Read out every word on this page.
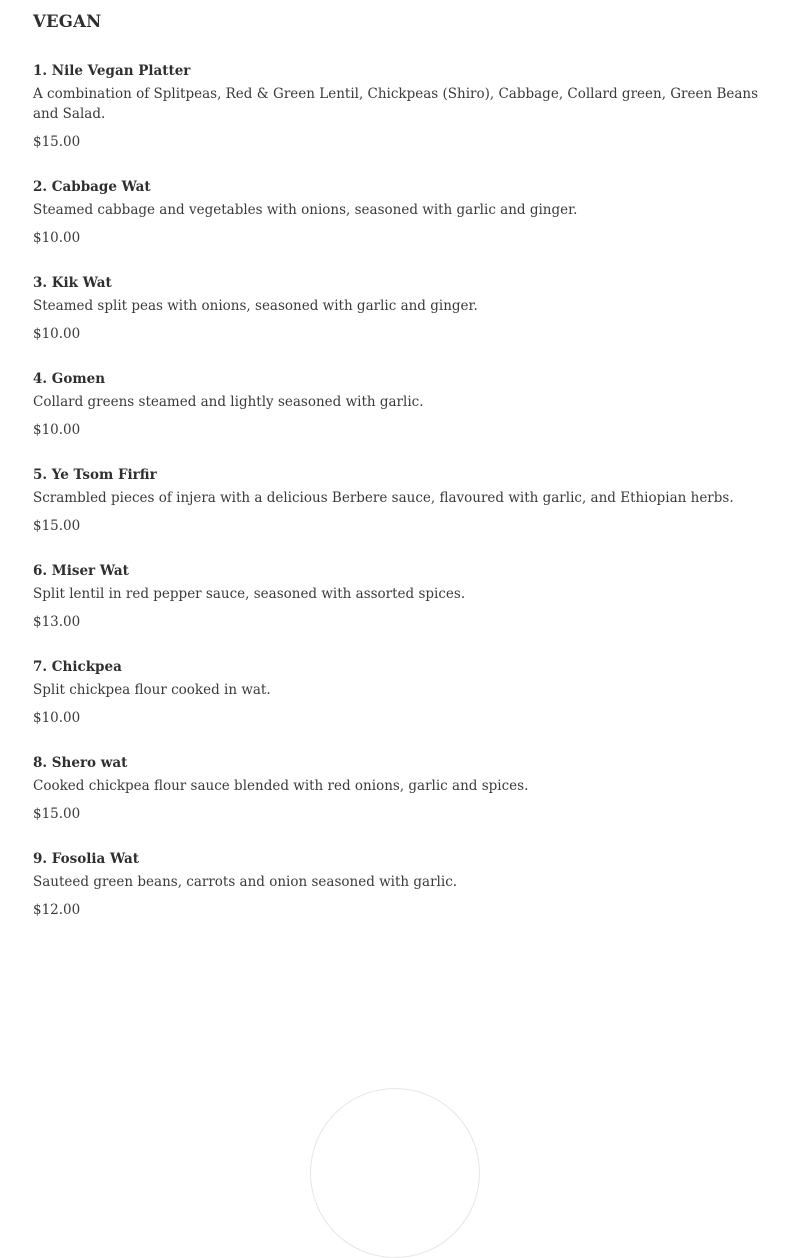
VEGAN
1. Nile Vegan Platter
A combination of Splitpeas, Red & Green Lentil, Chickpeas (Shiro), Cabbage, Collard green, Green Beans and Salad.
$15.00
2. Cabbage Wat
Steamed cabbage and vegetables with onions, seasoned with garlic and ginger.
$10.00
3. Kik Wat
Steamed split peas with onions, seasoned with garlic and ginger.
$10.00
4. Gomen
Collard greens steamed and lightly seasoned with garlic.
$10.00
5. Ye Tsom Firfir
Scrambled pieces of injera with a delicious Berbere sauce, flavoured with garlic, and Ethiopian herbs.
$15.00
6. Miser Wat
Split lentil in red pepper sauce, seasoned with assorted spices.
$13.00
7. Chickpea
Split chickpea flour cooked in wat.
$10.00
8. Shero wat
Cooked chickpea flour sauce blended with red onions, garlic and spices.
$15.00
9. Fosolia Wat
Sauteed green beans, carrots and onion seasoned with garlic.
$12.00
